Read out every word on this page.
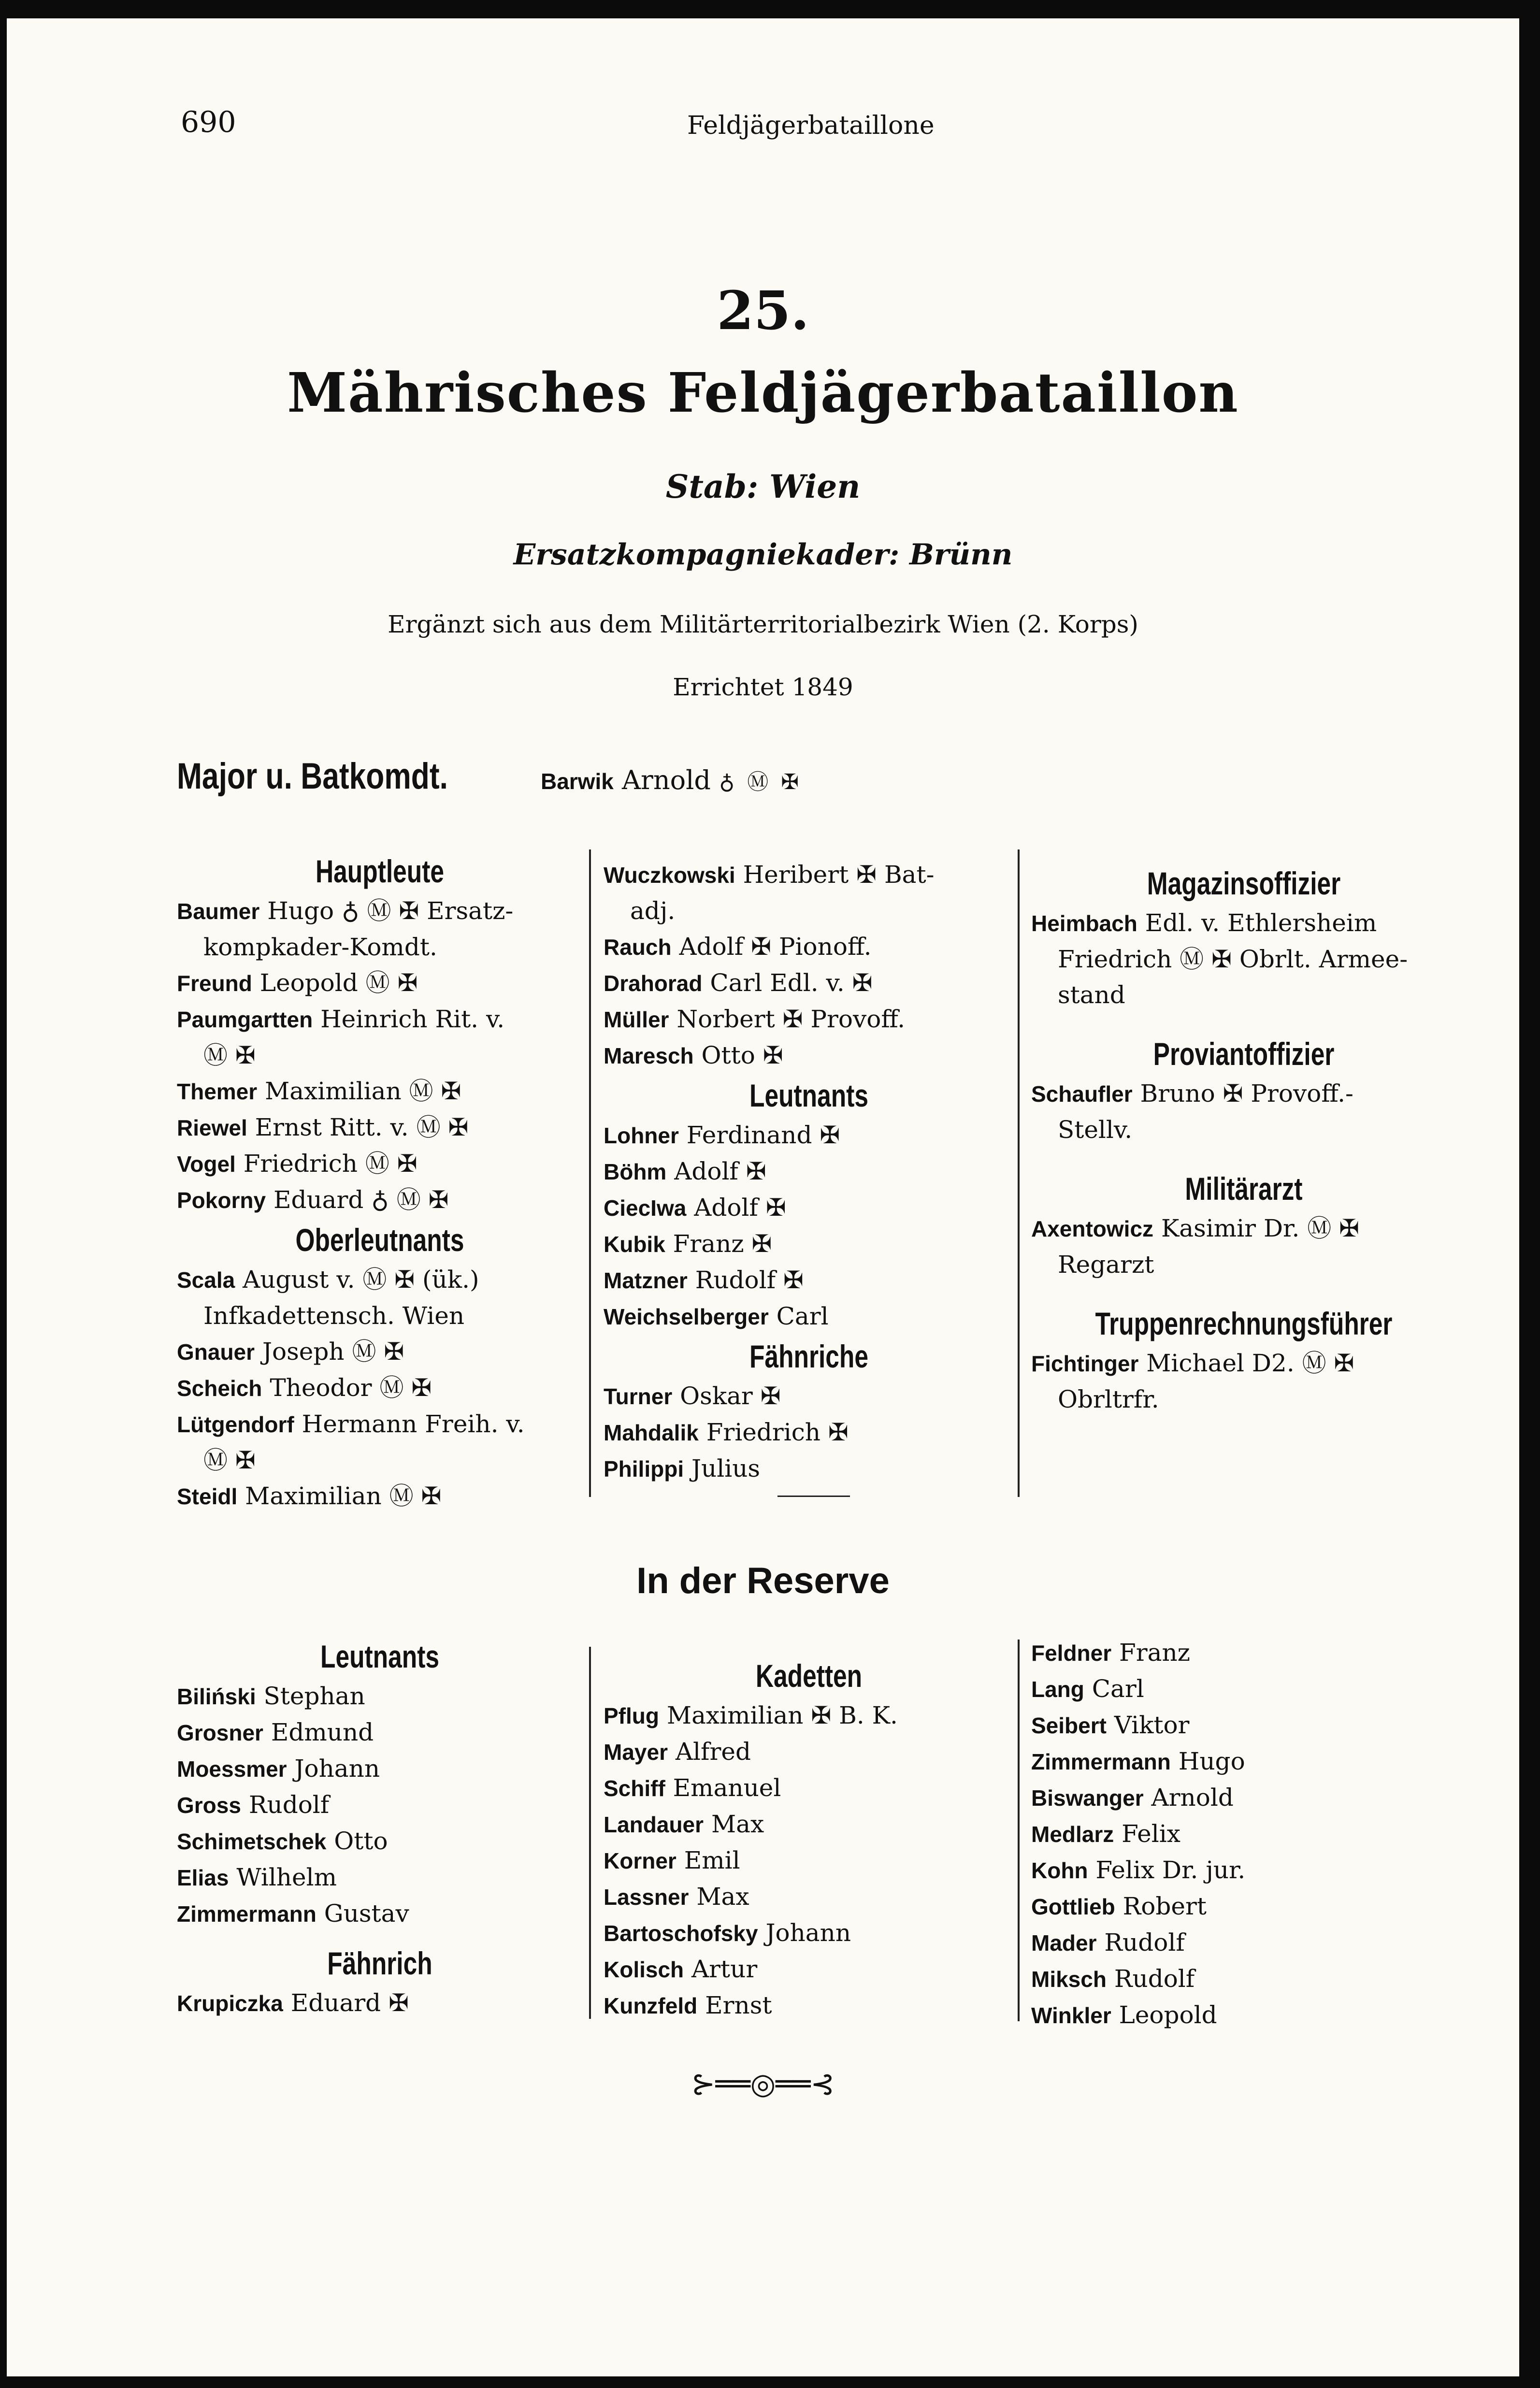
690	Feldjägerbataillone
25.
Mährisches Feldjägerbataillon
Stab: Wien
Ersatzkompagniekader: Brünn
Ergänzt sich aus dem Militärterritorialbezirk Wien (2. Korps)
Errichtet 1849
Major u. Batkomdt.	Barwik Arnold ♁ Ⓜ ✠
Hauptleute
Baumer Hugo ♁ Ⓜ ✠ Ersatz-
kompkader-Komdt.
Freund Leopold Ⓜ ✠
Paumgartten Heinrich Rit. v.
Ⓜ ✠
Themer Maximilian Ⓜ ✠
Riewel Ernst Ritt. v. Ⓜ ✠
Vogel Friedrich Ⓜ ✠
Pokorny Eduard ♁ Ⓜ ✠
Oberleutnants
Scala August v. Ⓜ ✠ (ük.)
Infkadettensch. Wien
Gnauer Joseph Ⓜ ✠
Scheich Theodor Ⓜ ✠
Lütgendorf Hermann Freih. v.
Ⓜ ✠
Steidl Maximilian Ⓜ ✠
Wuczkowski Heribert ✠ Bat-
adj.
Rauch Adolf ✠ Pionoff.
Drahorad Carl Edl. v. ✠
Müller Norbert ✠ Provoff.
Maresch Otto ✠
Leutnants
Lohner Ferdinand ✠
Böhm Adolf ✠
CiecIwa Adolf ✠
Kubik Franz ✠
Matzner Rudolf ✠
Weichselberger Carl
Fähnriche
Turner Oskar ✠
Mahdalik Friedrich ✠
Philippi Julius
Magazinsoffizier
Heimbach Edl. v. Ethlersheim
Friedrich Ⓜ ✠ Obrlt. Armee-
stand
Proviantoffizier
Schaufler Bruno ✠ Provoff.-
Stellv.
Militärarzt
Axentowicz Kasimir Dr. Ⓜ ✠
Regarzt
Truppenrechnungsführer
Fichtinger Michael D2. Ⓜ ✠
Obrltrfr.
In der Reserve
Leutnants
Biliński Stephan
Grosner Edmund
Moessmer Johann
Gross Rudolf
Schimetschek Otto
Elias Wilhelm
Zimmermann Gustav
Fähnrich
Krupiczka Eduard ✠
Kadetten
Pflug Maximilian ✠ B. K.
Mayer Alfred
Schiff Emanuel
Landauer Max
Korner Emil
Lassner Max
Bartoschofsky Johann
Kolisch Artur
Kunzfeld Ernst
Feldner Franz
Lang Carl
Seibert Viktor
Zimmermann Hugo
Biswanger Arnold
Medlarz Felix
Kohn Felix Dr. jur.
Gottlieb Robert
Mader Rudolf
Miksch Rudolf
Winkler Leopold
⊱══◎══⊰
